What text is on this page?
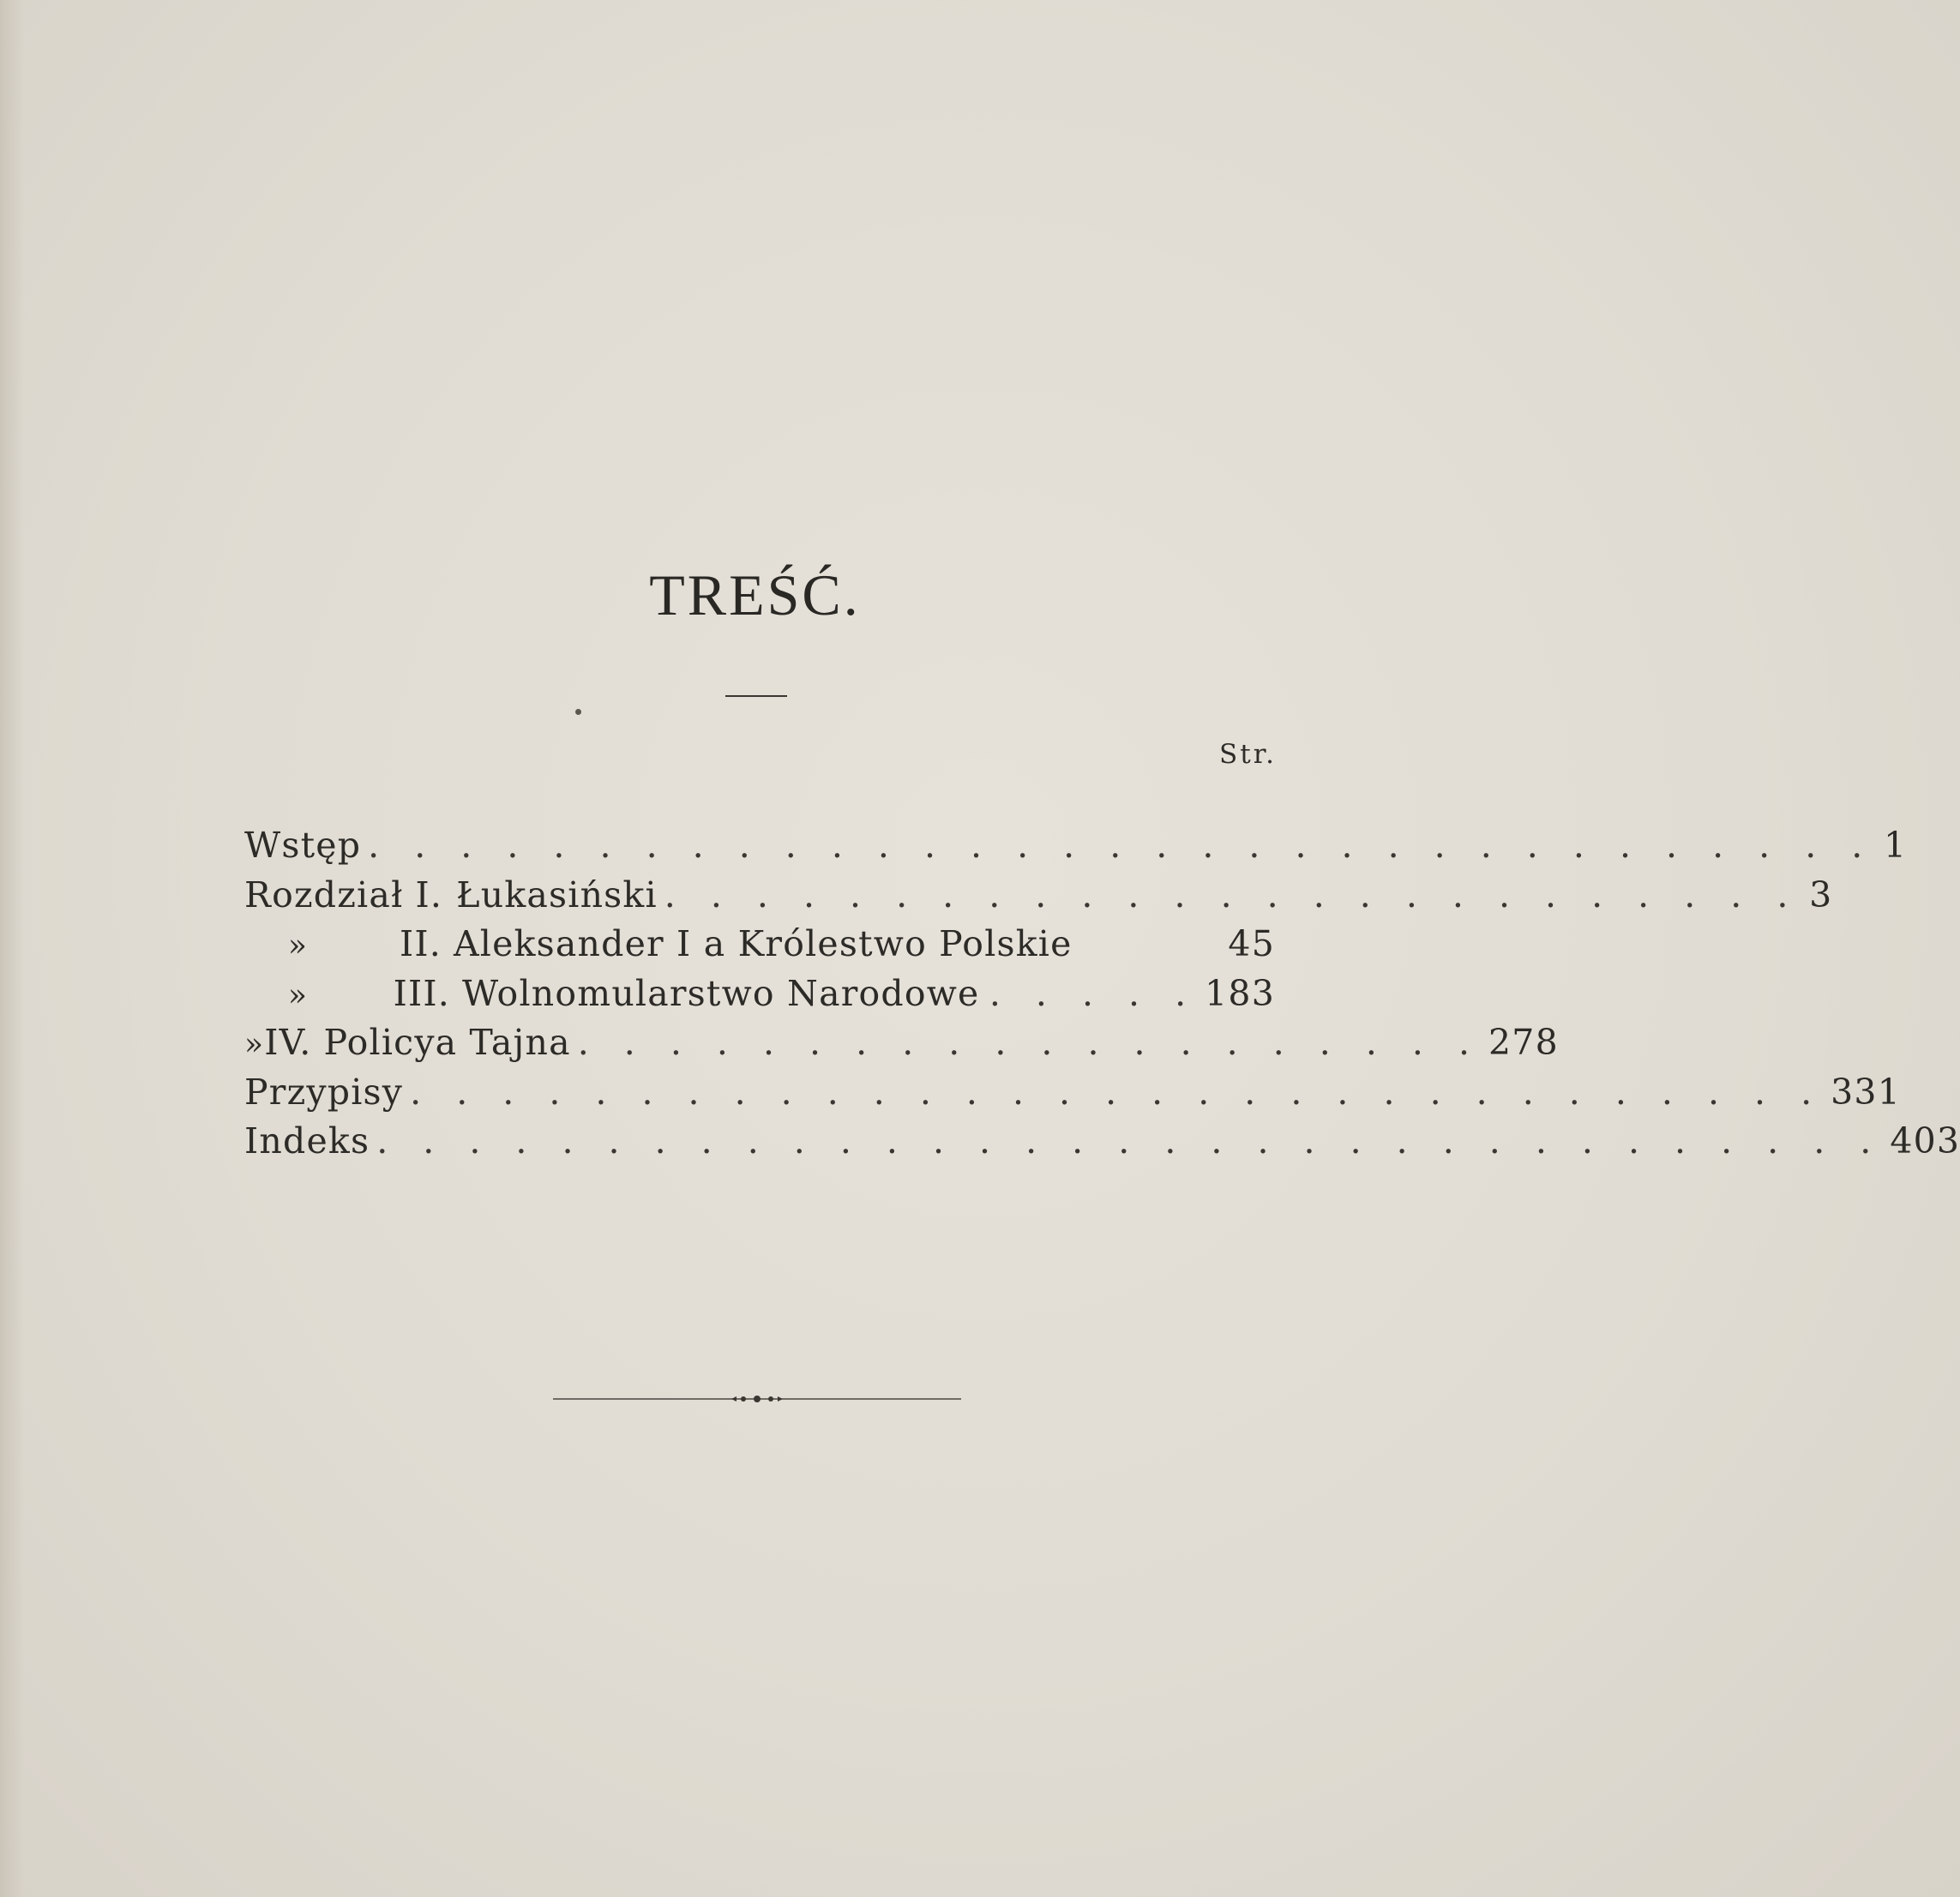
TREŚĆ.
Str.
Wstęp . . . . . . . . . . . . . . . . . . . . . . . . . . . . . . . . . 1
Rozdział I. Łukasiński . . . . . . . . . . . . . . . . . . . . . . . . . 3
»	II. Aleksander I a Królestwo Polskie	45
»	III. Wolnomularstwo Narodowe . . . . . 183
» IV. Policya Tajna . . . . . . . . . . . . . . . . . . . . 278
Przypisy . . . . . . . . . . . . . . . . . . . . . . . . . . . . . . . 331
Indeks . . . . . . . . . . . . . . . . . . . . . . . . . . . . . . . . . 403
